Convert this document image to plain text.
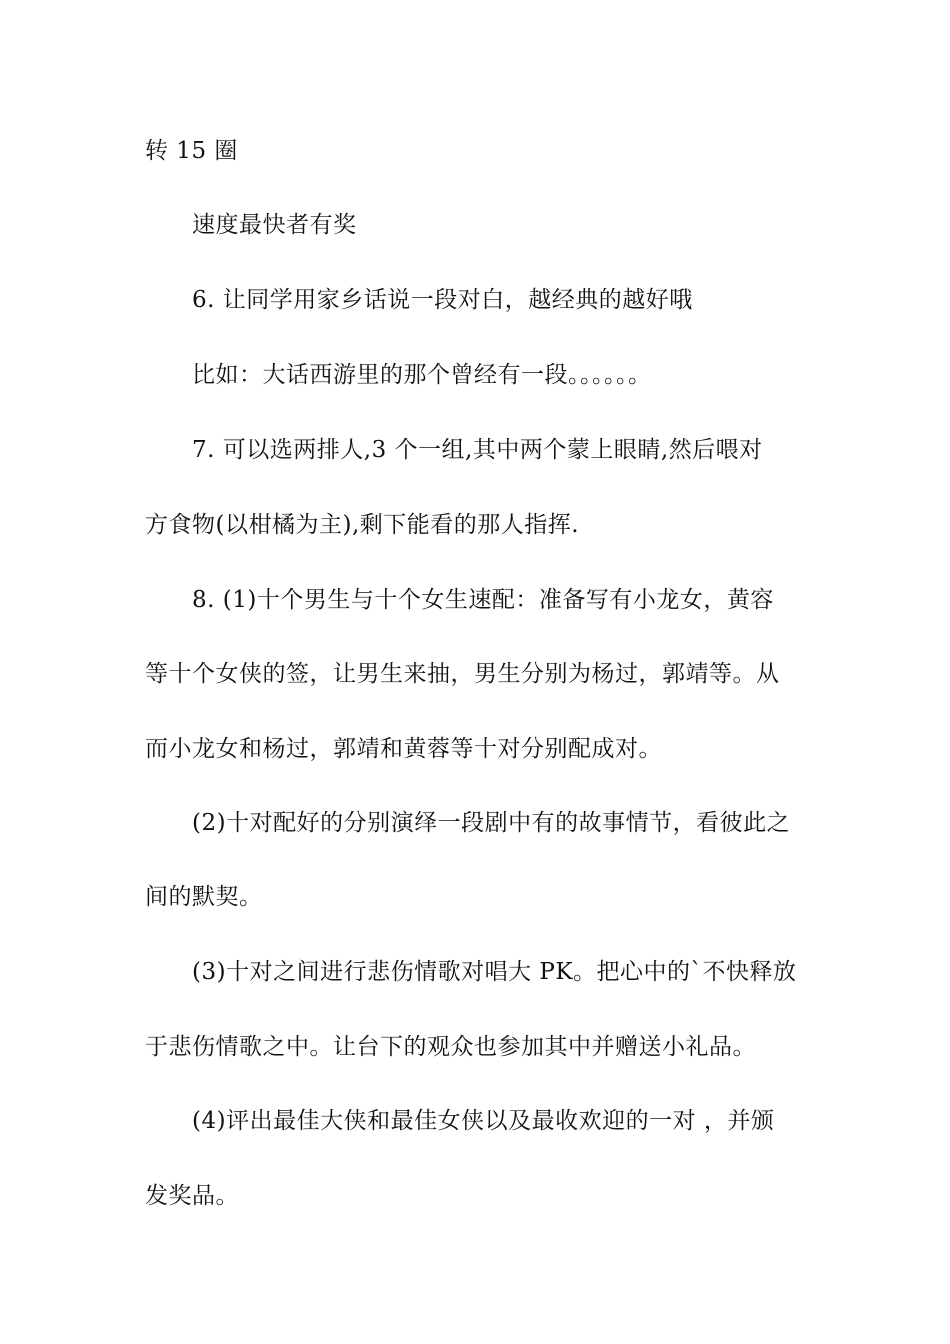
转 15 圈

速度最快者有奖

6. 让同学用家乡话说一段对白，越经典的越好哦

比如：大话西游里的那个曾经有一段。。。。。。

7. 可以选两排人,3 个一组,其中两个蒙上眼睛,然后喂对

方食物(以柑橘为主),剩下能看的那人指挥.

8. (1)十个男生与十个女生速配：准备写有小龙女，黄容

等十个女侠的签，让男生来抽，男生分别为杨过，郭靖等。从

而小龙女和杨过，郭靖和黄蓉等十对分别配成对。

(2)十对配好的分别演绎一段剧中有的故事情节，看彼此之

间的默契。

(3)十对之间进行悲伤情歌对唱大 PK。把心中的`不快释放

于悲伤情歌之中。让台下的观众也参加其中并赠送小礼品。

(4)评出最佳大侠和最佳女侠以及最收欢迎的一对 ，并颁

发奖品。
